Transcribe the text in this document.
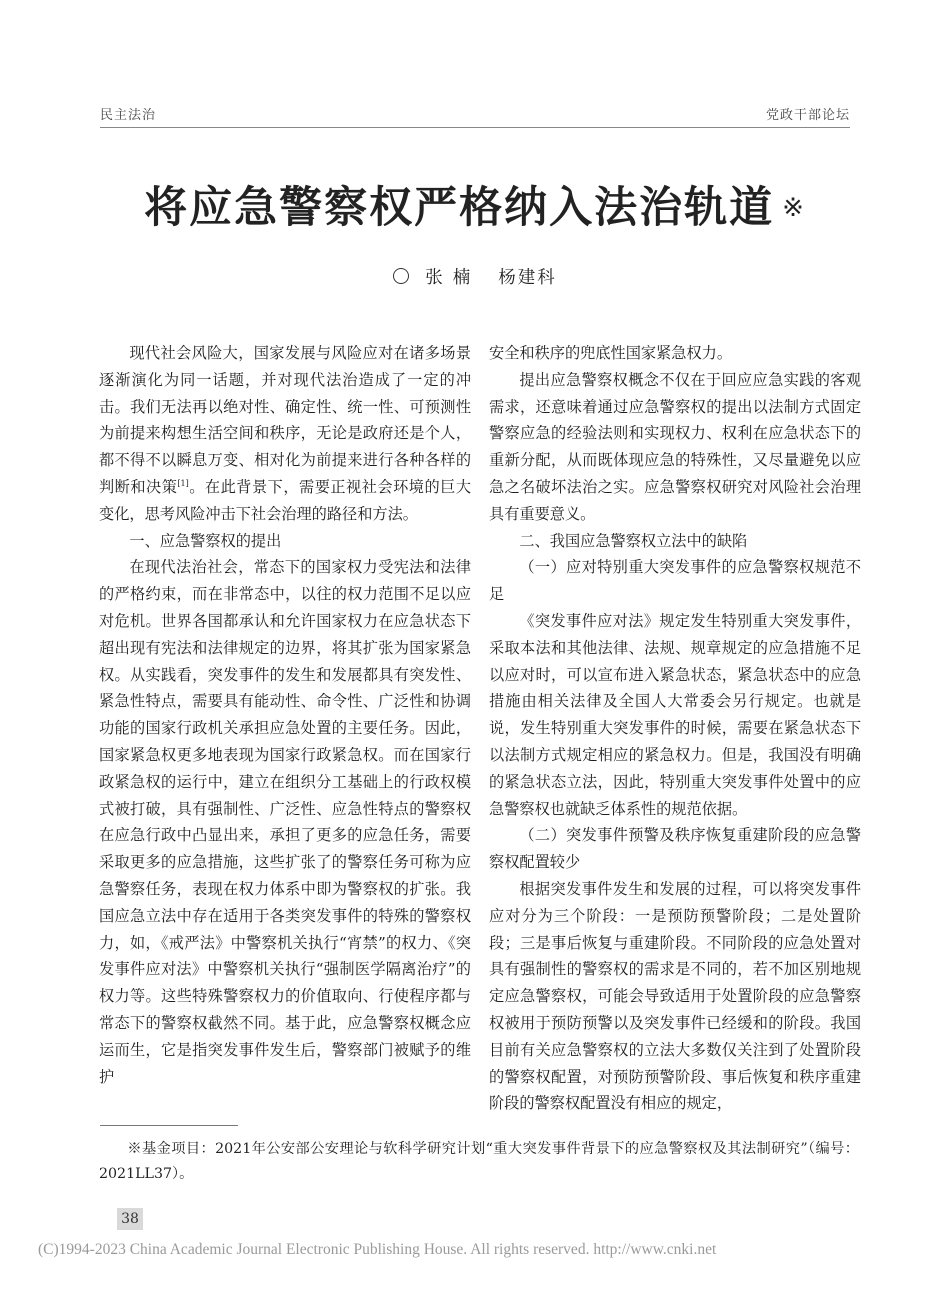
民主法治	党政干部论坛
将应急警察权严格纳入法治轨道 ※
张楠 杨建科

现代社会风险大，国家发展与风险应对在诸多场景逐渐演化为同一话题，并对现代法治造成了一定的冲击。我们无法再以绝对性、确定性、统一性、可预测性为前提来构想生活空间和秩序，无论是政府还是个人，都不得不以瞬息万变、相对化为前提来进行各种各样的判断和决策[1]。在此背景下，需要正视社会环境的巨大变化，思考风险冲击下社会治理的路径和方法。

一、应急警察权的提出

在现代法治社会，常态下的国家权力受宪法和法律的严格约束，而在非常态中，以往的权力范围不足以应对危机。世界各国都承认和允许国家权力在应急状态下超出现有宪法和法律规定的边界，将其扩张为国家紧急权。从实践看，突发事件的发生和发展都具有突发性、紧急性特点，需要具有能动性、命令性、广泛性和协调功能的国家行政机关承担应急处置的主要任务。因此，国家紧急权更多地表现为国家行政紧急权。而在国家行政紧急权的运行中，建立在组织分工基础上的行政权模式被打破，具有强制性、广泛性、应急性特点的警察权在应急行政中凸显出来，承担了更多的应急任务，需要采取更多的应急措施，这些扩张了的警察任务可称为应急警察任务，表现在权力体系中即为警察权的扩张。我国应急立法中存在适用于各类突发事件的特殊的警察权力，如，《戒严法》中警察机关执行“宵禁”的权力、《突发事件应对法》中警察机关执行“强制医学隔离治疗”的权力等。这些特殊警察权力的价值取向、行使程序都与常态下的警察权截然不同。基于此，应急警察权概念应运而生，它是指突发事件发生后，警察部门被赋予的维护

安全和秩序的兜底性国家紧急权力。

提出应急警察权概念不仅在于回应应急实践的客观需求，还意味着通过应急警察权的提出以法制方式固定警察应急的经验法则和实现权力、权利在应急状态下的重新分配，从而既体现应急的特殊性，又尽量避免以应急之名破坏法治之实。应急警察权研究对风险社会治理具有重要意义。

二、我国应急警察权立法中的缺陷

（一）应对特别重大突发事件的应急警察权规范不足

《突发事件应对法》规定发生特别重大突发事件，采取本法和其他法律、法规、规章规定的应急措施不足以应对时，可以宣布进入紧急状态，紧急状态中的应急措施由相关法律及全国人大常委会另行规定。也就是说，发生特别重大突发事件的时候，需要在紧急状态下以法制方式规定相应的紧急权力。但是，我国没有明确的紧急状态立法，因此，特别重大突发事件处置中的应急警察权也就缺乏体系性的规范依据。

（二）突发事件预警及秩序恢复重建阶段的应急警察权配置较少

根据突发事件发生和发展的过程，可以将突发事件应对分为三个阶段：一是预防预警阶段；二是处置阶段；三是事后恢复与重建阶段。不同阶段的应急处置对具有强制性的警察权的需求是不同的，若不加区别地规定应急警察权，可能会导致适用于处置阶段的应急警察权被用于预防预警以及突发事件已经缓和的阶段。我国目前有关应急警察权的立法大多数仅关注到了处置阶段的警察权配置，对预防预警阶段、事后恢复和秩序重建阶段的警察权配置没有相应的规定，

※基金项目：2021年公安部公安理论与软科学研究计划“重大突发事件背景下的应急警察权及其法制研究”（编号：2021LL37）。

38
(C)1994-2023 China Academic Journal Electronic Publishing House. All rights reserved. http://www.cnki.net
